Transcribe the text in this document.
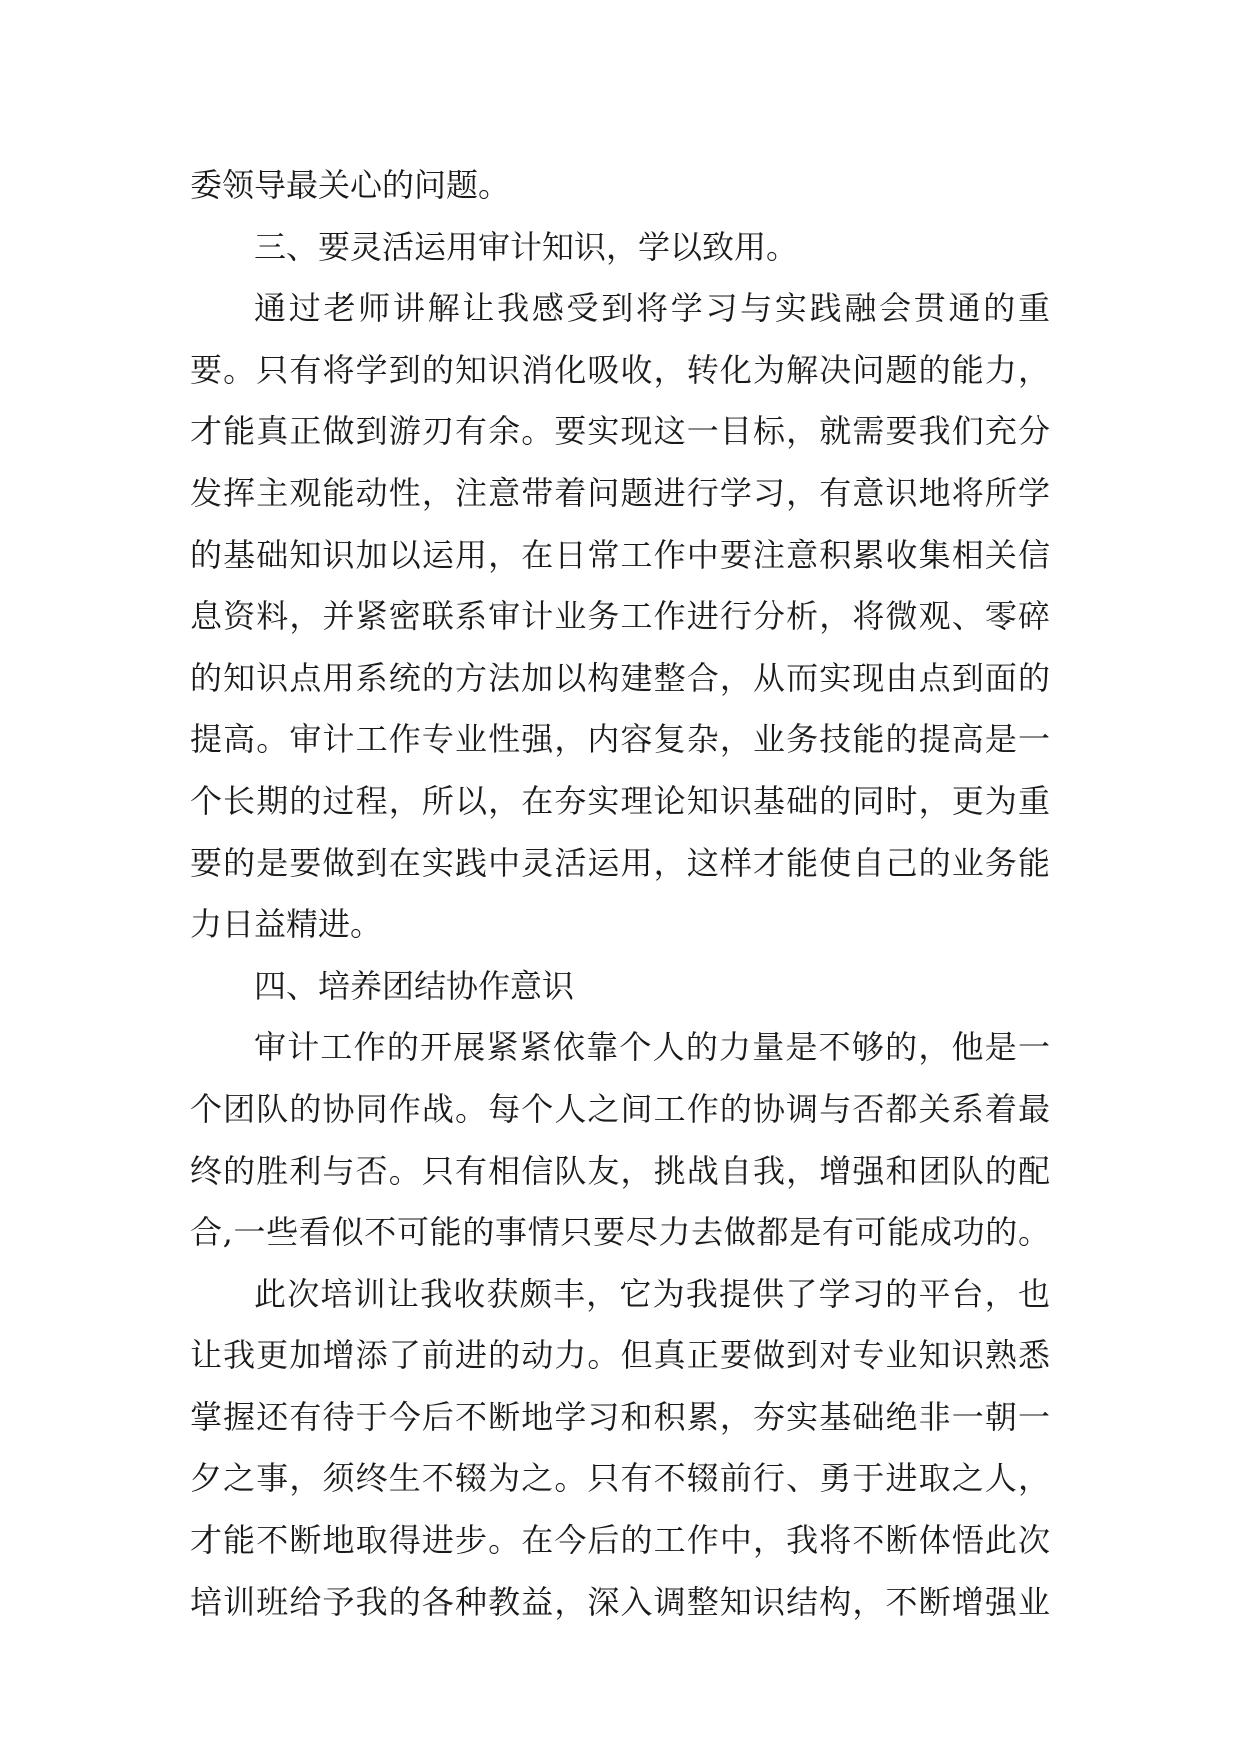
委领导最关心的问题。
三、要灵活运用审计知识，学以致用。
通过老师讲解让我感受到将学习与实践融会贯通的重
要。只有将学到的知识消化吸收，转化为解决问题的能力，
才能真正做到游刃有余。要实现这一目标，就需要我们充分
发挥主观能动性，注意带着问题进行学习，有意识地将所学
的基础知识加以运用，在日常工作中要注意积累收集相关信
息资料，并紧密联系审计业务工作进行分析，将微观、零碎
的知识点用系统的方法加以构建整合，从而实现由点到面的
提高。审计工作专业性强，内容复杂，业务技能的提高是一
个长期的过程，所以，在夯实理论知识基础的同时，更为重
要的是要做到在实践中灵活运用，这样才能使自己的业务能
力日益精进。
四、培养团结协作意识
审计工作的开展紧紧依靠个人的力量是不够的，他是一
个团队的协同作战。每个人之间工作的协调与否都关系着最
终的胜利与否。只有相信队友，挑战自我，增强和团队的配
合,一些看似不可能的事情只要尽力去做都是有可能成功的。
此次培训让我收获颇丰，它为我提供了学习的平台，也
让我更加增添了前进的动力。但真正要做到对专业知识熟悉
掌握还有待于今后不断地学习和积累，夯实基础绝非一朝一
夕之事，须终生不辍为之。只有不辍前行、勇于进取之人，
才能不断地取得进步。在今后的工作中，我将不断体悟此次
培训班给予我的各种教益，深入调整知识结构，不断增强业
